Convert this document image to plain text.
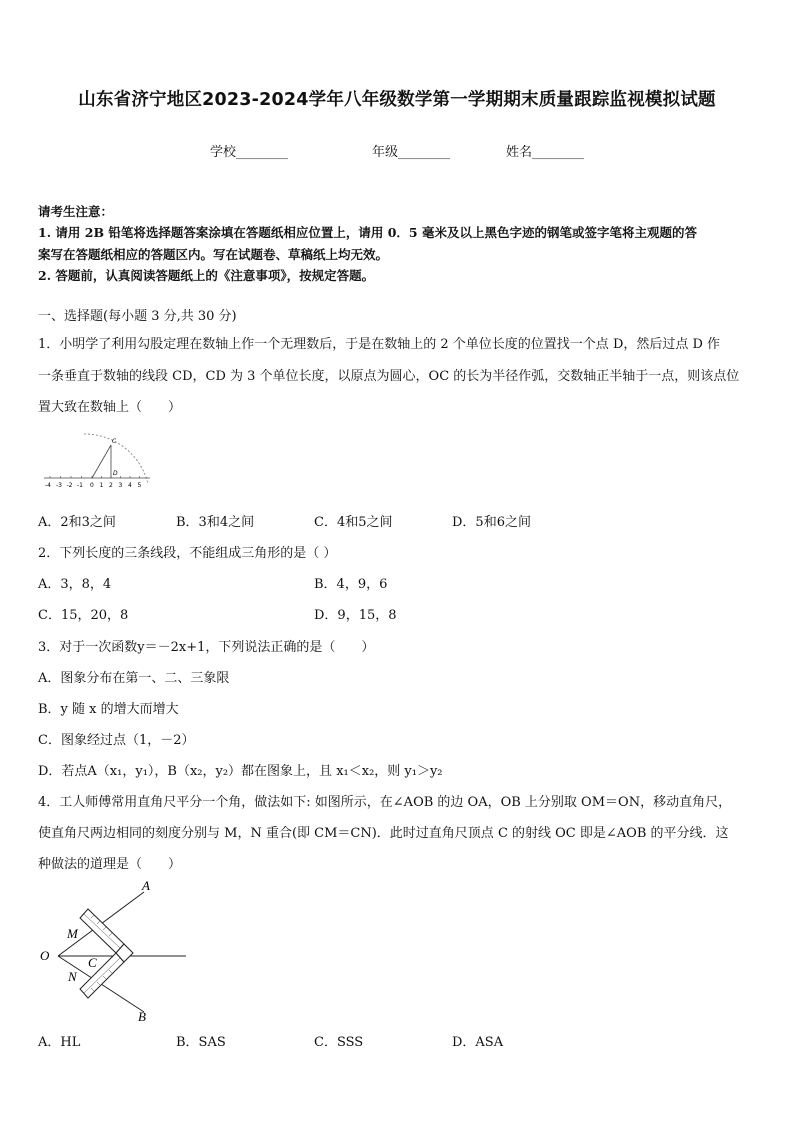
山东省济宁地区2023-2024学年八年级数学第一学期期末质量跟踪监视模拟试题
学校________	年级________	姓名________
请考生注意：
1. 请用 2B 铅笔将选择题答案涂填在答题纸相应位置上，请用 0．5 毫米及以上黑色字迹的钢笔或签字笔将主观题的答
案写在答题纸相应的答题区内。写在试题卷、草稿纸上均无效。
2. 答题前，认真阅读答题纸上的《注意事项》，按规定答题。
一、选择题(每小题 3 分,共 30 分)
1．小明学了利用勾股定理在数轴上作一个无理数后，于是在数轴上的 2 个单位长度的位置找一个点 D，然后过点 D 作
一条垂直于数轴的线段 CD，CD 为 3 个单位长度，以原点为圆心，OC 的长为半径作弧，交数轴正半轴于一点，则该点位
置大致在数轴上（　　）
C
D
-4 -3 -2 -1 0 1 2 3 4 5
A．2和3之间	B．3和4之间	C．4和5之间	D．5和6之间
2．下列长度的三条线段，不能组成三角形的是（ ）
A．3，8，4	B．4，9，6
C．15，20，8	D．9，15，8
3．对于一次函数y＝－2x+1，下列说法正确的是（　　）
A．图象分布在第一、二、三象限
B．y 随 x 的增大而增大
C．图象经过点（1，－2）
D．若点A（x₁，y₁），B（x₂，y₂）都在图象上，且 x₁＜x₂，则 y₁＞y₂
4．工人师傅常用直角尺平分一个角，做法如下: 如图所示，在∠AOB 的边 OA，OB 上分别取 OM＝ON，移动直角尺，
使直角尺两边相同的刻度分别与 M，N 重合(即 CM＝CN)．此时过直角尺顶点 C 的射线 OC 即是∠AOB 的平分线．这
种做法的道理是（　　）
A
B
O
M
N
C
A．HL	B．SAS	C．SSS	D．ASA
